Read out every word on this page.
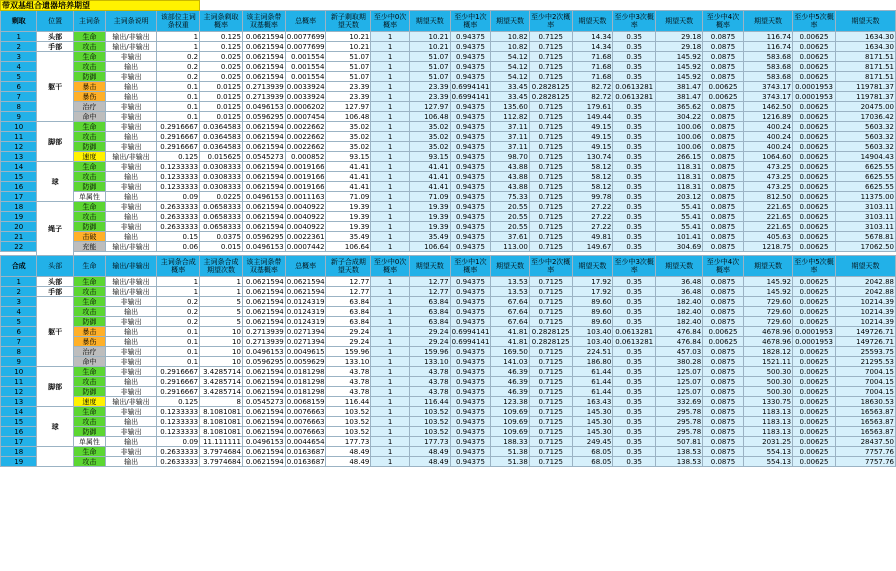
带双基组合遗器培养期望																				
剩取	位置	主词条	主词条说明	该部位主词条权重	主词条剩取概率	该主词条带双基概率	总概率	新子剩取期望天数	至少中0次概率	期望天数	至少中1次概率	期望天数	至少中2次概率	期望天数	至少中3次概率	期望天数	至少中4次概率	期望天数	至少中5次概率	期望天数
1	头部	生命	输出/非输出	1	0.125	0.0621594	0.0077699	10.21	1	10.21	0.94375	10.82	0.7125	14.34	0.35	29.18	0.0875	116.74	0.00625	1634.30
2	手部	攻击	输出/非输出	1	0.125	0.0621594	0.0077699	10.21	1	10.21	0.94375	10.82	0.7125	14.34	0.35	29.18	0.0875	116.74	0.00625	1634.30
3	躯干	生命	非输出	0.2	0.025	0.0621594	0.001554	51.07	1	51.07	0.94375	54.12	0.7125	71.68	0.35	145.92	0.0875	583.68	0.00625	8171.51
4		攻击	输出	0.2	0.025	0.0621594	0.001554	51.07	1	51.07	0.94375	54.12	0.7125	71.68	0.35	145.92	0.0875	583.68	0.00625	8171.51
5		防御	非输出	0.2	0.025	0.0621594	0.001554	51.07	1	51.07	0.94375	54.12	0.7125	71.68	0.35	145.92	0.0875	583.68	0.00625	8171.51
6		暴击	输出	0.1	0.0125	0.2713939	0.0033924	23.39	1	23.39	0.6994141	33.45	0.2828125	82.72	0.0613281	381.47	0.00625	3743.17	0.0001953	119781.37
7		暴伤	输出	0.1	0.0125	0.2713939	0.0033924	23.39	1	23.39	0.6994141	33.45	0.2828125	82.72	0.0613281	381.47	0.00625	3743.17	0.0001953	119781.37
8		治疗	非输出	0.1	0.0125	0.0496153	0.0006202	127.97	1	127.97	0.94375	135.60	0.7125	179.61	0.35	365.62	0.0875	1462.50	0.00625	20475.00
9		命中	非输出	0.1	0.0125	0.0596295	0.0007454	106.48	1	106.48	0.94375	112.82	0.7125	149.44	0.35	304.22	0.0875	1216.89	0.00625	17036.42
10	脚部	生命	非输出	0.2916667	0.0364583	0.0621594	0.0022662	35.02	1	35.02	0.94375	37.11	0.7125	49.15	0.35	100.06	0.0875	400.24	0.00625	5603.32
11		攻击	输出	0.2916667	0.0364583	0.0621594	0.0022662	35.02	1	35.02	0.94375	37.11	0.7125	49.15	0.35	100.06	0.0875	400.24	0.00625	5603.32
12		防御	非输出	0.2916667	0.0364583	0.0621594	0.0022662	35.02	1	35.02	0.94375	37.11	0.7125	49.15	0.35	100.06	0.0875	400.24	0.00625	5603.32
13		速度	输出/非输出	0.125	0.015625	0.0545273	0.000852	93.15	1	93.15	0.94375	98.70	0.7125	130.74	0.35	266.15	0.0875	1064.60	0.00625	14904.43
14	球	生命	非输出	0.1233333	0.0308333	0.0621594	0.0019166	41.41	1	41.41	0.94375	43.88	0.7125	58.12	0.35	118.31	0.0875	473.25	0.00625	6625.55
15		攻击	输出	0.1233333	0.0308333	0.0621594	0.0019166	41.41	1	41.41	0.94375	43.88	0.7125	58.12	0.35	118.31	0.0875	473.25	0.00625	6625.55
16		防御	非输出	0.1233333	0.0308333	0.0621594	0.0019166	41.41	1	41.41	0.94375	43.88	0.7125	58.12	0.35	118.31	0.0875	473.25	0.00625	6625.55
17		单属性	输出	0.09	0.0225	0.0496153	0.0011163	71.09	1	71.09	0.94375	75.33	0.7125	99.78	0.35	203.12	0.0875	812.50	0.00625	11375.00
18	绳子	生命	非输出	0.2633333	0.0658333	0.0621594	0.0040922	19.39	1	19.39	0.94375	20.55	0.7125	27.22	0.35	55.41	0.0875	221.65	0.00625	3103.11
19		攻击	输出	0.2633333	0.0658333	0.0621594	0.0040922	19.39	1	19.39	0.94375	20.55	0.7125	27.22	0.35	55.41	0.0875	221.65	0.00625	3103.11
20		防御	非输出	0.2633333	0.0658333	0.0621594	0.0040922	19.39	1	19.39	0.94375	20.55	0.7125	27.22	0.35	55.41	0.0875	221.65	0.00625	3103.11
21		击破	输出	0.15	0.0375	0.0596295	0.0022361	35.49	1	35.49	0.94375	37.61	0.7125	49.81	0.35	101.41	0.0875	405.63	0.00625	5678.81
22		充能	输出/非输出	0.06	0.015	0.0496153	0.0007442	106.64	1	106.64	0.94375	113.00	0.7125	149.67	0.35	304.69	0.0875	1218.75	0.00625	17062.50

合成	头部	生命	输出/非输出	主词条合成概率	主词条合成期望次数	该主词条带双基概率	总概率	新子合成期望天数	至少中0次概率	期望天数	至少中1次概率	期望天数	至少中2次概率	期望天数	至少中3次概率	期望天数	至少中4次概率	期望天数	至少中5次概率	期望天数
1	头部	生命	输出/非输出	1	1	0.0621594	0.0621594	12.77	1	12.77	0.94375	13.53	0.7125	17.92	0.35	36.48	0.0875	145.92	0.00625	2042.88
2	手部	攻击	输出/非输出	1	1	0.0621594	0.0621594	12.77	1	12.77	0.94375	13.53	0.7125	17.92	0.35	36.48	0.0875	145.92	0.00625	2042.88
3	躯干	生命	非输出	0.2	5	0.0621594	0.0124319	63.84	1	63.84	0.94375	67.64	0.7125	89.60	0.35	182.40	0.0875	729.60	0.00625	10214.39
4		攻击	输出	0.2	5	0.0621594	0.0124319	63.84	1	63.84	0.94375	67.64	0.7125	89.60	0.35	182.40	0.0875	729.60	0.00625	10214.39
5		防御	非输出	0.2	5	0.0621594	0.0124319	63.84	1	63.84	0.94375	67.64	0.7125	89.60	0.35	182.40	0.0875	729.60	0.00625	10214.39
6		暴击	输出	0.1	10	0.2713939	0.0271394	29.24	1	29.24	0.6994141	41.81	0.2828125	103.40	0.0613281	476.84	0.00625	4678.96	0.0001953	149726.71
7		暴伤	输出	0.1	10	0.2713939	0.0271394	29.24	1	29.24	0.6994141	41.81	0.2828125	103.40	0.0613281	476.84	0.00625	4678.96	0.0001953	149726.71
8		治疗	非输出	0.1	10	0.0496153	0.0049615	159.96	1	159.96	0.94375	169.50	0.7125	224.51	0.35	457.03	0.0875	1828.12	0.00625	25593.75
9		命中	非输出	0.1	10	0.0596295	0.0059629	133.10	1	133.10	0.94375	141.03	0.7125	186.80	0.35	380.28	0.0875	1521.11	0.00625	21295.53
10	脚部	生命	非输出	0.2916667	3.4285714	0.0621594	0.0181298	43.78	1	43.78	0.94375	46.39	0.7125	61.44	0.35	125.07	0.0875	500.30	0.00625	7004.15
11		攻击	输出	0.2916667	3.4285714	0.0621594	0.0181298	43.78	1	43.78	0.94375	46.39	0.7125	61.44	0.35	125.07	0.0875	500.30	0.00625	7004.15
12		防御	非输出	0.2916667	3.4285714	0.0621594	0.0181298	43.78	1	43.78	0.94375	46.39	0.7125	61.44	0.35	125.07	0.0875	500.30	0.00625	7004.15
13		速度	输出/非输出	0.125	8	0.0545273	0.0068159	116.44	1	116.44	0.94375	123.38	0.7125	163.43	0.35	332.69	0.0875	1330.75	0.00625	18630.53
14	球	生命	非输出	0.1233333	8.1081081	0.0621594	0.0076663	103.52	1	103.52	0.94375	109.69	0.7125	145.30	0.35	295.78	0.0875	1183.13	0.00625	16563.87
15		攻击	输出	0.1233333	8.1081081	0.0621594	0.0076663	103.52	1	103.52	0.94375	109.69	0.7125	145.30	0.35	295.78	0.0875	1183.13	0.00625	16563.87
16		防御	非输出	0.1233333	8.1081081	0.0621594	0.0076663	103.52	1	103.52	0.94375	109.69	0.7125	145.30	0.35	295.78	0.0875	1183.13	0.00625	16563.87
17		单属性	输出	0.09	11.111111	0.0496153	0.0044654	177.73	1	177.73	0.94375	188.33	0.7125	249.45	0.35	507.81	0.0875	2031.25	0.00625	28437.50
18		生命	非输出	0.2633333	3.7974684	0.0621594	0.0163687	48.49	1	48.49	0.94375	51.38	0.7125	68.05	0.35	138.53	0.0875	554.13	0.00625	7757.76
19		攻击	输出	0.2633333	3.7974684	0.0621594	0.0163687	48.49	1	48.49	0.94375	51.38	0.7125	68.05	0.35	138.53	0.0875	554.13	0.00625	7757.76
